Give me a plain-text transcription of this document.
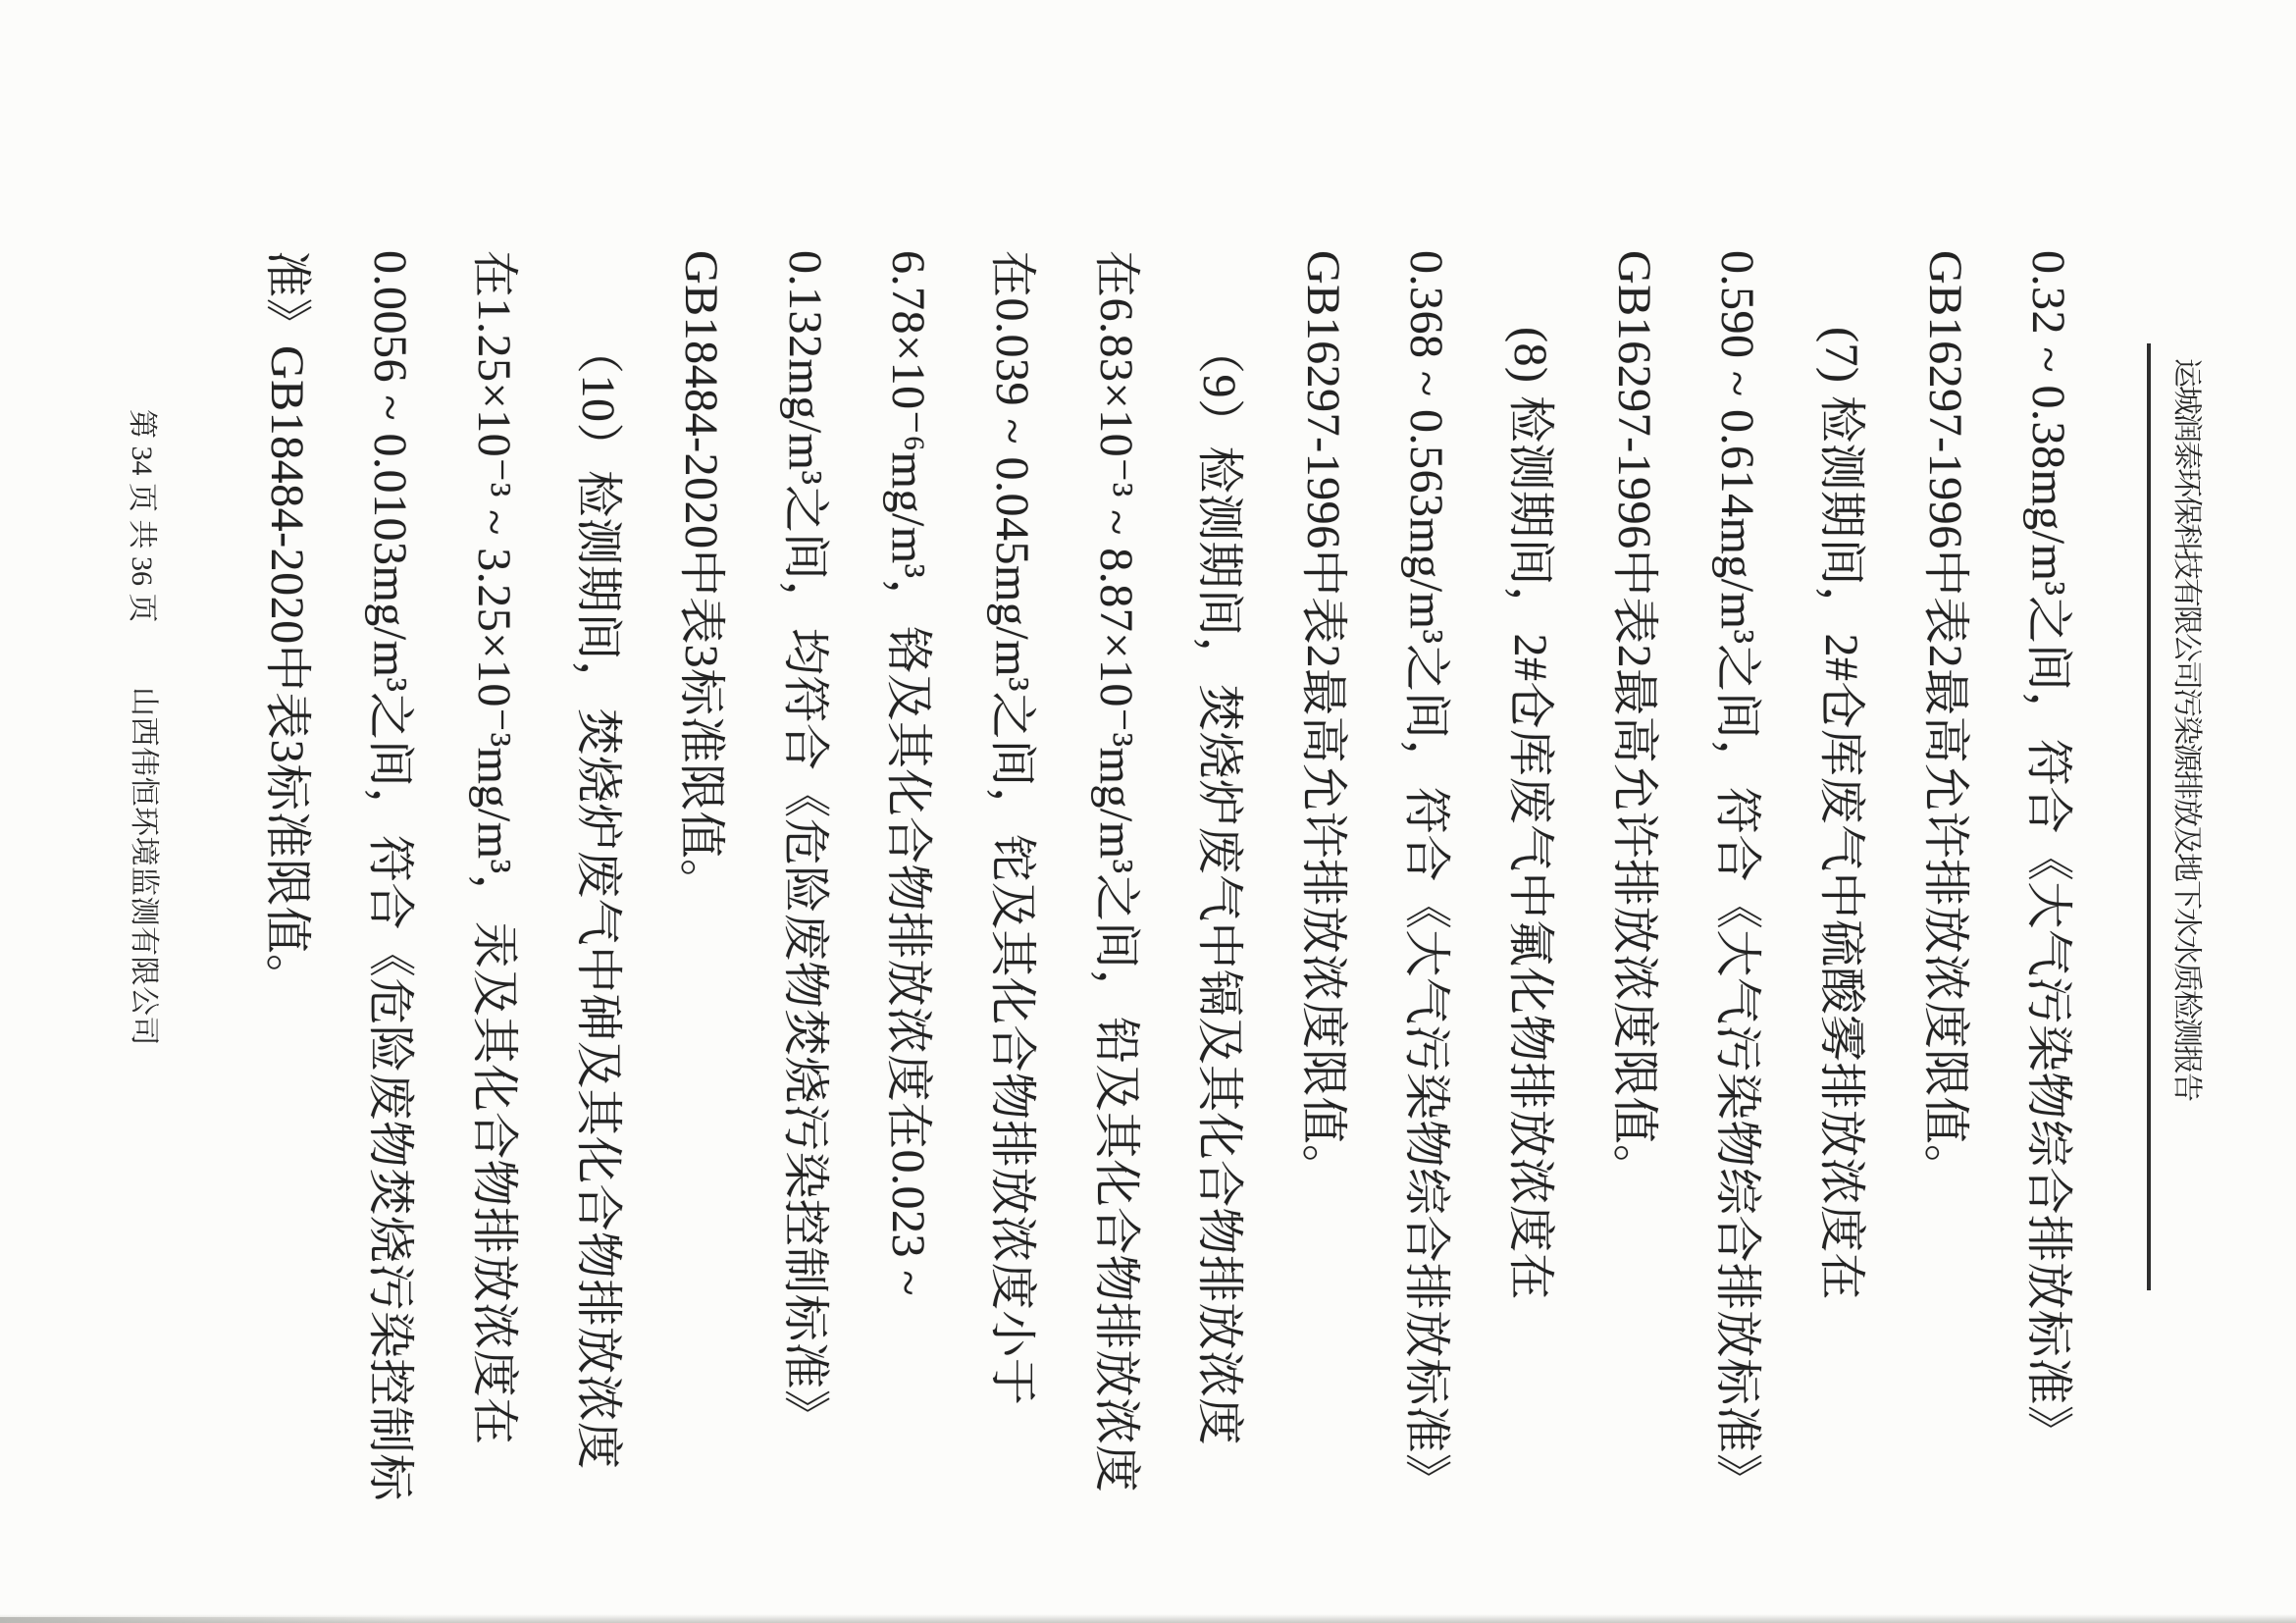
运城润泰环保科技有限公司污染源排放及地下水水质检测报告
0.32 ~ 0.38mg/m³之间，符合《大气污染物综合排放标准》
GB16297-1996中表2最高允许排放浓度限值。
(7) 检测期间，2#仓库废气中硫酸雾排放浓度在
0.590 ~ 0.614mg/m³之间，符合《大气污染物综合排放标准》
GB16297-1996中表2最高允许排放浓度限值。
(8) 检测期间，2#仓库废气中氟化物排放浓度在
0.368 ~ 0.563mg/m³之间，符合《大气污染物综合排放标准》
GB16297-1996中表2最高允许排放浓度限值。
（9）检测期间，焚烧炉废气中镉及其化合物排放浓度
在6.83×10⁻³ ~ 8.87×10⁻³mg/m³之间，铅及其化合物排放浓度
在0.039 ~ 0.045mg/m³之间，铊及其化合物排放浓度小于
6.78×10⁻⁶mg/m³，铬及其化合物排放浓度在0.023 ~
0.132mg/m³之间，均符合《危险废物焚烧污染控制标准》
GB18484-2020中表3标准限值。
（10）检测期间，焚烧炉废气中砷及其化合物排放浓度
在1.25×10⁻³ ~ 3.25×10⁻³mg/m³，汞及其化合物排放浓度在
0.0056 ~ 0.0103mg/m³之间，符合《危险废物焚烧污染控制标
准》GB18484-2020中表3标准限值。
第 34 页 共 36 页
山西伟恒环境监测有限公司
